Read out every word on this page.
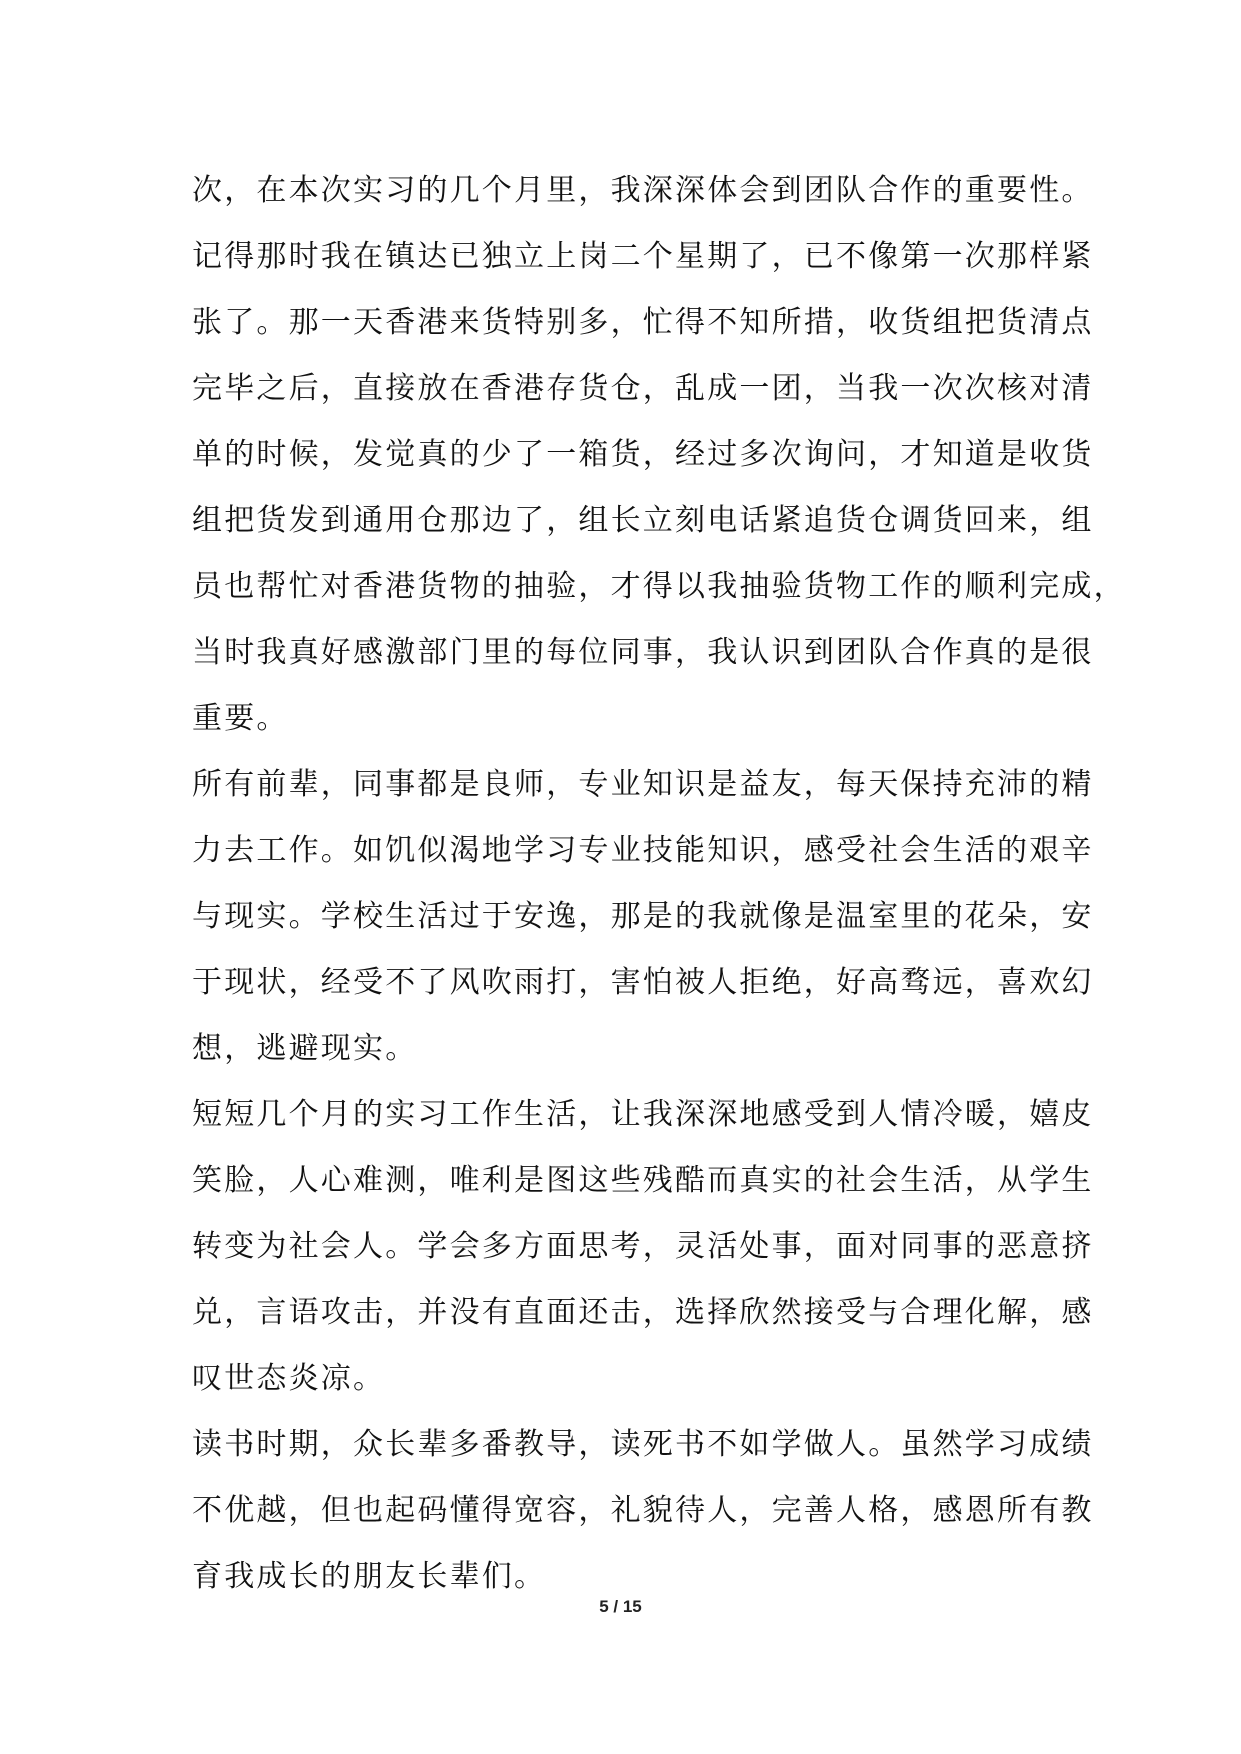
次，在本次实习的几个月里，我深深体会到团队合作的重要性。
记得那时我在镇达已独立上岗二个星期了，已不像第一次那样紧
张了。那一天香港来货特别多，忙得不知所措，收货组把货清点
完毕之后，直接放在香港存货仓，乱成一团，当我一次次核对清
单的时候，发觉真的少了一箱货，经过多次询问，才知道是收货
组把货发到通用仓那边了，组长立刻电话紧追货仓调货回来，组
员也帮忙对香港货物的抽验，才得以我抽验货物工作的顺利完成，
当时我真好感激部门里的每位同事，我认识到团队合作真的是很
重要。
所有前辈，同事都是良师，专业知识是益友，每天保持充沛的精
力去工作。如饥似渴地学习专业技能知识，感受社会生活的艰辛
与现实。学校生活过于安逸，那是的我就像是温室里的花朵，安
于现状，经受不了风吹雨打，害怕被人拒绝，好高骛远，喜欢幻
想，逃避现实。
短短几个月的实习工作生活，让我深深地感受到人情冷暖，嬉皮
笑脸，人心难测，唯利是图这些残酷而真实的社会生活，从学生
转变为社会人。学会多方面思考，灵活处事，面对同事的恶意挤
兑，言语攻击，并没有直面还击，选择欣然接受与合理化解，感
叹世态炎凉。
读书时期，众长辈多番教导，读死书不如学做人。虽然学习成绩
不优越，但也起码懂得宽容，礼貌待人，完善人格，感恩所有教
育我成长的朋友长辈们。
5 / 15
